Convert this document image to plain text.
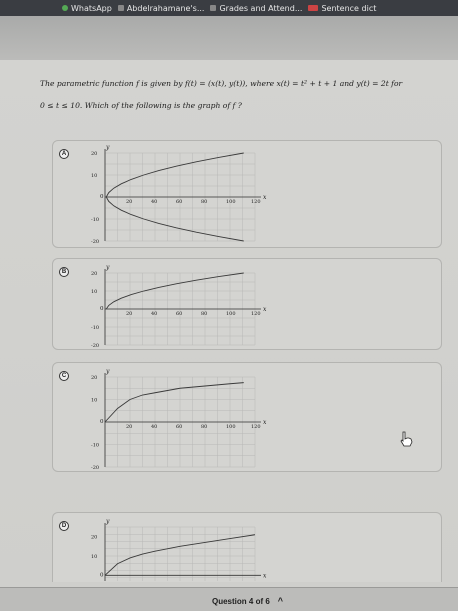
WhatsApp Abdelrahamane's... Grades and Attend... Sentence dict
The parametric function f is given by f(t) = (x(t), y(t)), where x(t) = t² + t + 1 and y(t) = 2t for
0 ≤ t ≤ 10. Which of the following is the graph of f ?
A
y
x
0
20	40	60	80	100	120
-20
-10
10
20
B
y
x
0
20	40	60	80	100	120
-20
-10
10
20
C
y
x
0
20	40	60	80	100	120
-20
-10
10
20
D
y
x
0
10
20
Question 4 of 6 ^
